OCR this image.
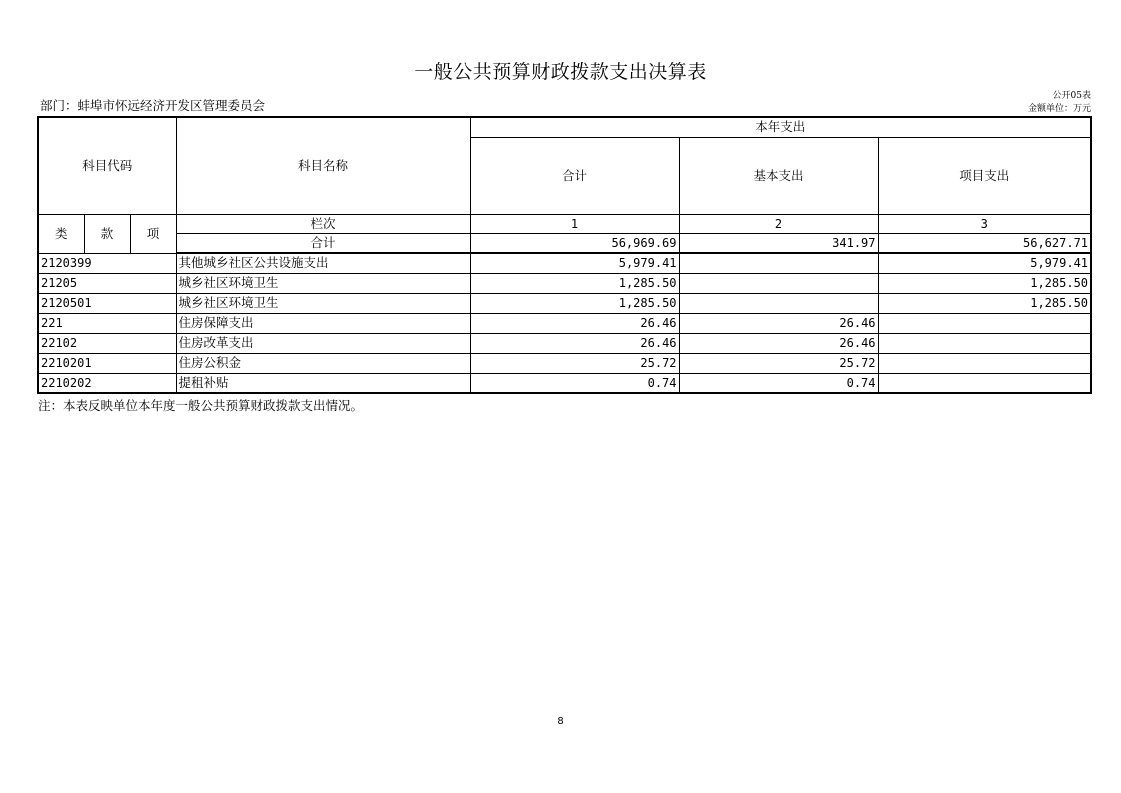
一般公共预算财政拨款支出决算表
公开05表
金额单位：万元
部门：蚌埠市怀远经济开发区管理委员会
科目代码			科目名称	本年支出		
				合计	基本支出	项目支出

类	款	项	栏次	1	2	3
			合计	56,969.69	341.97	56,627.71
2120399			其他城乡社区公共设施支出	5,979.41		5,979.41
21205			城乡社区环境卫生	1,285.50		1,285.50
2120501			城乡社区环境卫生	1,285.50		1,285.50
221			住房保障支出	26.46	26.46	
22102			住房改革支出	26.46	26.46	
2210201			住房公积金	25.72	25.72	
2210202			提租补贴	0.74	0.74	
注：本表反映单位本年度一般公共预算财政拨款支出情况。
8
